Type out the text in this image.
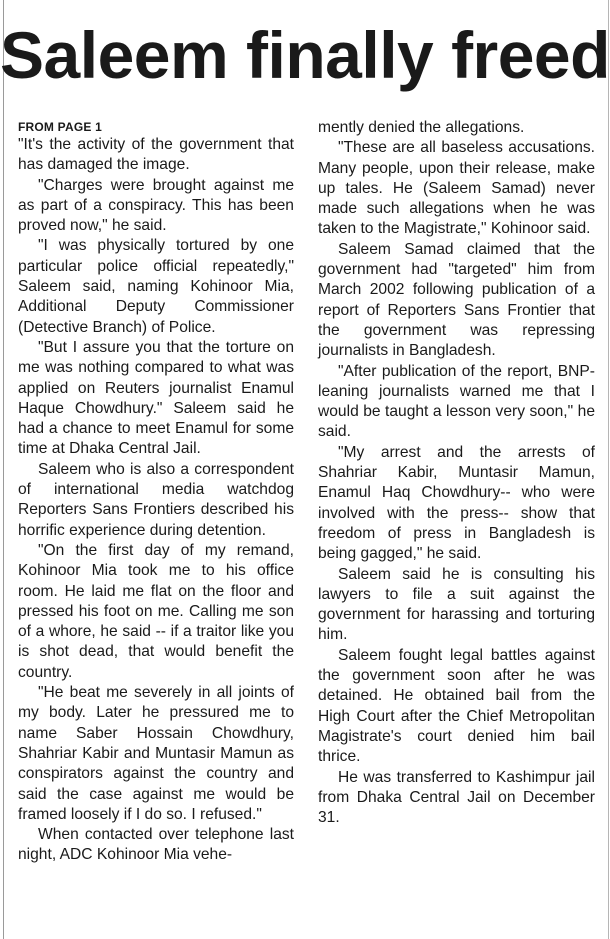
Saleem finally freed

FROM PAGE 1

"It's the activity of the government that has damaged the image.

"Charges were brought against me as part of a conspiracy. This has been proved now," he said.

"I was physically tortured by one particular police official repeatedly," Saleem said, naming Kohinoor Mia, Additional Deputy Commissioner (Detective Branch) of Police.

"But I assure you that the torture on me was nothing compared to what was applied on Reuters journalist Enamul Haque Chowdhury." Saleem said he had a chance to meet Enamul for some time at Dhaka Central Jail.

Saleem who is also a correspondent of international media watchdog Reporters Sans Frontiers described his horrific experience during detention.

"On the first day of my remand, Kohinoor Mia took me to his office room. He laid me flat on the floor and pressed his foot on me. Calling me son of a whore, he said -- if a traitor like you is shot dead, that would benefit the country.

"He beat me severely in all joints of my body. Later he pressured me to name Saber Hossain Chowdhury, Shahriar Kabir and Muntasir Mamun as conspirators against the country and said the case against me would be framed loosely if I do so. I refused."

When contacted over telephone last night, ADC Kohinoor Mia vehe-

mently denied the allegations.

"These are all baseless accusations. Many people, upon their release, make up tales. He (Saleem Samad) never made such allegations when he was taken to the Magistrate," Kohinoor said.

Saleem Samad claimed that the government had "targeted" him from March 2002 following publication of a report of Reporters Sans Frontier that the government was repressing journalists in Bangladesh.

"After publication of the report, BNP-leaning journalists warned me that I would be taught a lesson very soon," he said.

"My arrest and the arrests of Shahriar Kabir, Muntasir Mamun, Enamul Haq Chowdhury-- who were involved with the press-- show that freedom of press in Bangladesh is being gagged," he said.

Saleem said he is consulting his lawyers to file a suit against the government for harassing and torturing him.

Saleem fought legal battles against the government soon after he was detained. He obtained bail from the High Court after the Chief Metropolitan Magistrate's court denied him bail thrice.

He was transferred to Kashimpur jail from Dhaka Central Jail on December 31.
